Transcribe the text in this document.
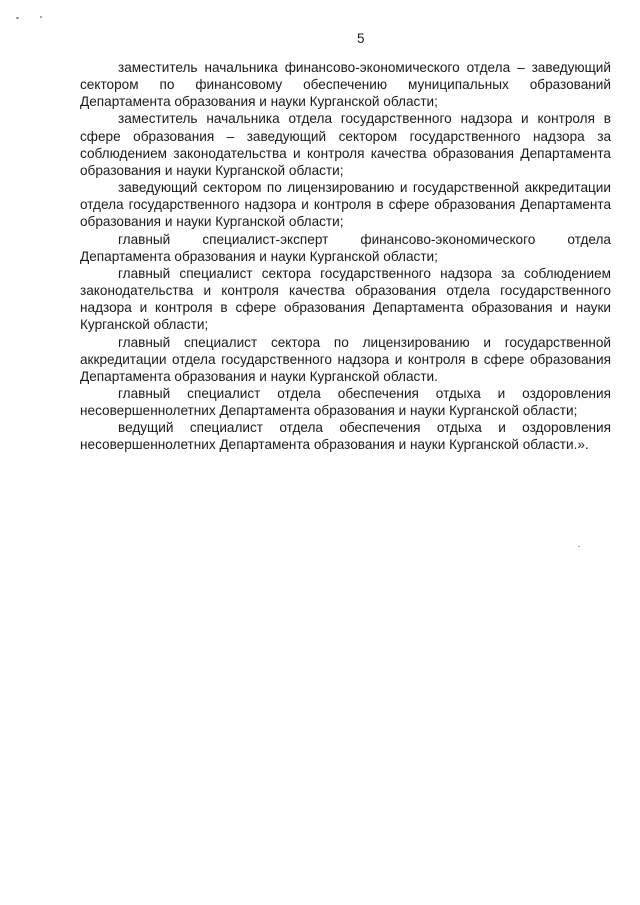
5

заместитель начальника финансово-экономического отдела – заведующий сектором по финансовому обеспечению муниципальных образований Департамента образования и науки Курганской области;

заместитель начальника отдела государственного надзора и контроля в сфере образования – заведующий сектором государственного надзора за соблюдением законодательства и контроля качества образования Департамента образования и науки Курганской области;

заведующий сектором по лицензированию и государственной аккредитации отдела государственного надзора и контроля в сфере образования Департамента образования и науки Курганской области;

главный специалист-эксперт финансово-экономического отдела Департамента образования и науки Курганской области;

главный специалист сектора государственного надзора за соблюдением законодательства и контроля качества образования отдела государственного надзора и контроля в сфере образования Департамента образования и науки Курганской области;

главный специалист сектора по лицензированию и государственной аккредитации отдела государственного надзора и контроля в сфере образования Департамента образования и науки Курганской области.

главный специалист отдела обеспечения отдыха и оздоровления несовершеннолетних Департамента образования и науки Курганской области;

ведущий специалист отдела обеспечения отдыха и оздоровления несовершеннолетних Департамента образования и науки Курганской области.».
